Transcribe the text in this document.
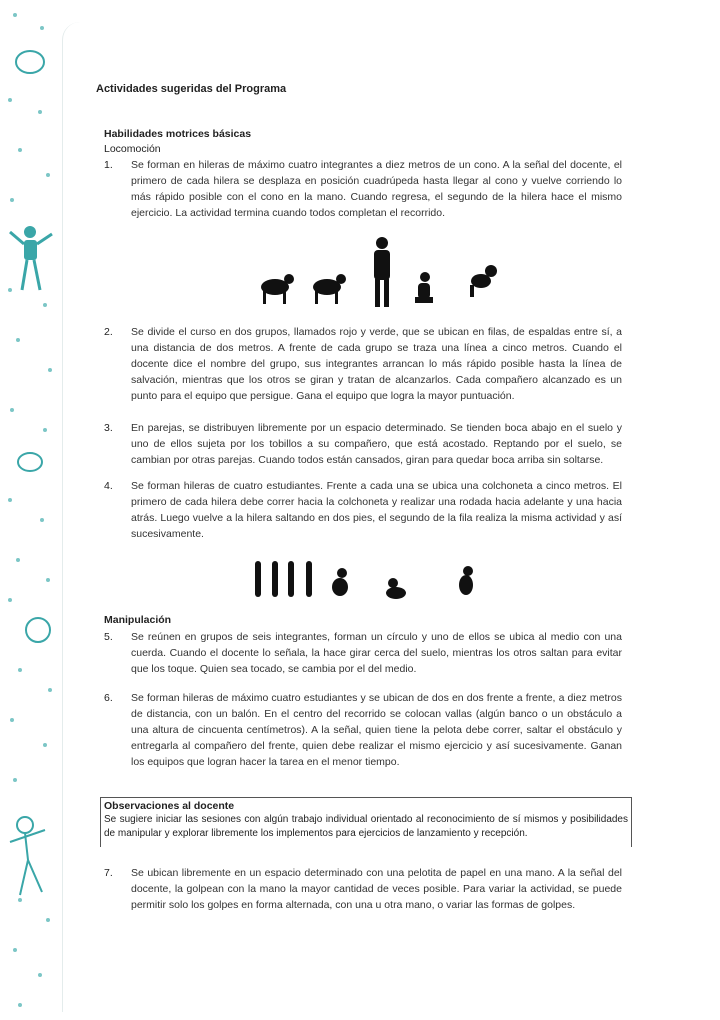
Actividades sugeridas del Programa
Habilidades motrices básicas
Locomoción
1.	Se forman en hileras de máximo cuatro integrantes a diez metros de un cono. A la señal del docente, el primero de cada hilera se desplaza en posición cuadrúpeda hasta llegar al cono y vuelve corriendo lo más rápido posible con el cono en la mano. Cuando regresa, el segundo de la hilera hace el mismo ejercicio. La actividad termina cuando todos completan el recorrido.
2.	Se divide el curso en dos grupos, llamados rojo y verde, que se ubican en filas, de espaldas entre sí, a una distancia de dos metros. A frente de cada grupo se traza una línea a cinco metros. Cuando el docente dice el nombre del grupo, sus integrantes arrancan lo más rápido posible hasta la línea de salvación, mientras que los otros se giran y tratan de alcanzarlos. Cada compañero alcanzado es un punto para el equipo que persigue. Gana el equipo que logra la mayor puntuación.
3.	En parejas, se distribuyen libremente por un espacio determinado. Se tienden boca abajo en el suelo y uno de ellos sujeta por los tobillos a su compañero, que está acostado. Reptando por el suelo, se cambian por otras parejas. Cuando todos están cansados, giran para quedar boca arriba sin soltarse.
4.	Se forman hileras de cuatro estudiantes. Frente a cada una se ubica una colchoneta a cinco metros. El primero de cada hilera debe correr hacia la colchoneta y realizar una rodada hacia adelante y una hacia atrás. Luego vuelve a la hilera saltando en dos pies, el segundo de la fila realiza la misma actividad y así sucesivamente.
Manipulación
5.	Se reúnen en grupos de seis integrantes, forman un círculo y uno de ellos se ubica al medio con una cuerda. Cuando el docente lo señala, la hace girar cerca del suelo, mientras los otros saltan para evitar que los toque. Quien sea tocado, se cambia por el del medio.
6.	Se forman hileras de máximo cuatro estudiantes y se ubican de dos en dos frente a frente, a diez metros de distancia, con un balón. En el centro del recorrido se colocan vallas (algún banco o un obstáculo a una altura de cincuenta centímetros). A la señal, quien tiene la pelota debe correr, saltar el obstáculo y entregarla al compañero del frente, quien debe realizar el mismo ejercicio y así sucesivamente. Ganan los equipos que logran hacer la tarea en el menor tiempo.
Observaciones al docente
Se sugiere iniciar las sesiones con algún trabajo individual orientado al reconocimiento de sí mismos y posibilidades de manipular y explorar libremente los implementos para ejercicios de lanzamiento y recepción.
7.	Se ubican libremente en un espacio determinado con una pelotita de papel en una mano. A la señal del docente, la golpean con la mano la mayor cantidad de veces posible. Para variar la actividad, se puede permitir solo los golpes en forma alternada, con una u otra mano, o variar las formas de golpes.
